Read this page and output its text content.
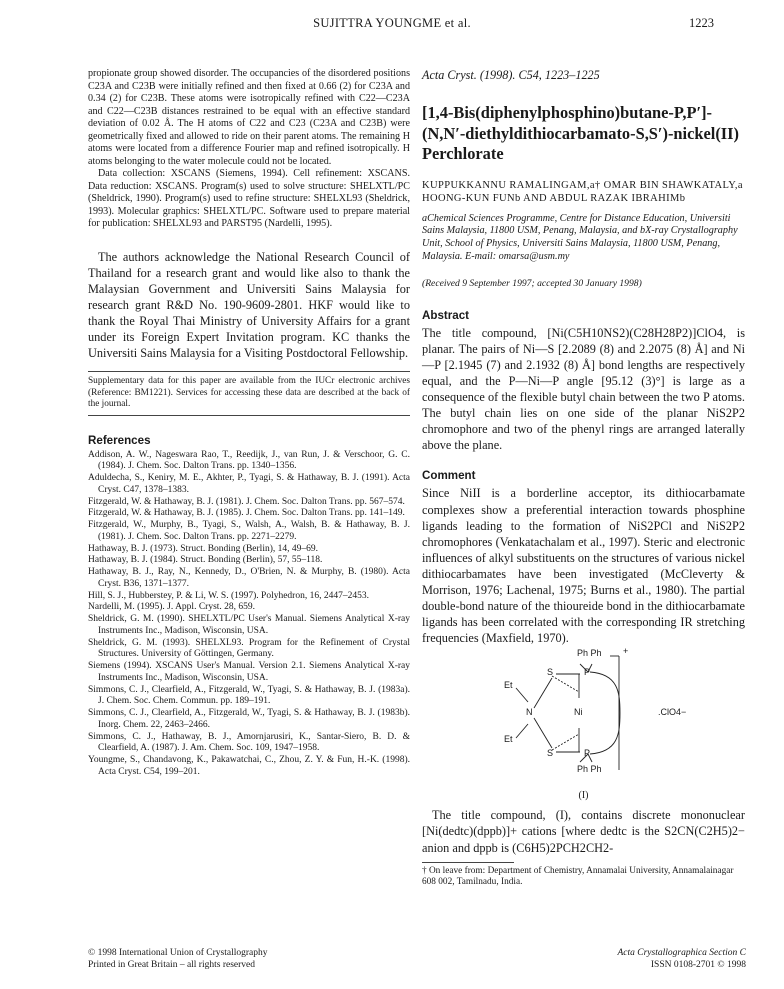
SUJITTRA YOUNGME et al.	1223

propionate group showed disorder. The occupancies of the disordered positions C23A and C23B were initially refined and then fixed at 0.66 (2) for C23A and 0.34 (2) for C23B. These atoms were isotropically refined with C22—C23A and C22—C23B distances restrained to be equal with an effective standard deviation of 0.02 Å. The H atoms of C22 and C23 (C23A and C23B) were geometrically fixed and allowed to ride on their parent atoms. The remaining H atoms were located from a difference Fourier map and refined isotropically. H atoms belonging to the water molecule could not be located.

Data collection: XSCANS (Siemens, 1994). Cell refinement: XSCANS. Data reduction: XSCANS. Program(s) used to solve structure: SHELXTL/PC (Sheldrick, 1990). Program(s) used to refine structure: SHELXL93 (Sheldrick, 1993). Molecular graphics: SHELXTL/PC. Software used to prepare material for publication: SHELXL93 and PARST95 (Nardelli, 1995).

The authors acknowledge the National Research Council of Thailand for a research grant and would like also to thank the Malaysian Government and Universiti Sains Malaysia for research grant R&D No. 190-9609-2801. HKF would like to thank the Royal Thai Ministry of University Affairs for a grant under its Foreign Expert Invitation program. KC thanks the Universiti Sains Malaysia for a Visiting Postdoctoral Fellowship.

Supplementary data for this paper are available from the IUCr electronic archives (Reference: BM1221). Services for accessing these data are described at the back of the journal.

References

Addison, A. W., Nageswara Rao, T., Reedijk, J., van Run, J. & Verschoor, G. C. (1984). J. Chem. Soc. Dalton Trans. pp. 1340–1356.

Aduldecha, S., Keniry, M. E., Akhter, P., Tyagi, S. & Hathaway, B. J. (1991). Acta Cryst. C47, 1378–1383.

Fitzgerald, W. & Hathaway, B. J. (1981). J. Chem. Soc. Dalton Trans. pp. 567–574.

Fitzgerald, W. & Hathaway, B. J. (1985). J. Chem. Soc. Dalton Trans. pp. 141–149.

Fitzgerald, W., Murphy, B., Tyagi, S., Walsh, A., Walsh, B. & Hathaway, B. J. (1981). J. Chem. Soc. Dalton Trans. pp. 2271–2279.

Hathaway, B. J. (1973). Struct. Bonding (Berlin), 14, 49–69.

Hathaway, B. J. (1984). Struct. Bonding (Berlin), 57, 55–118.

Hathaway, B. J., Ray, N., Kennedy, D., O'Brien, N. & Murphy, B. (1980). Acta Cryst. B36, 1371–1377.

Hill, S. J., Hubberstey, P. & Li, W. S. (1997). Polyhedron, 16, 2447–2453.

Nardelli, M. (1995). J. Appl. Cryst. 28, 659.

Sheldrick, G. M. (1990). SHELXTL/PC User's Manual. Siemens Analytical X-ray Instruments Inc., Madison, Wisconsin, USA.

Sheldrick, G. M. (1993). SHELXL93. Program for the Refinement of Crystal Structures. University of Göttingen, Germany.

Siemens (1994). XSCANS User's Manual. Version 2.1. Siemens Analytical X-ray Instruments Inc., Madison, Wisconsin, USA.

Simmons, C. J., Clearfield, A., Fitzgerald, W., Tyagi, S. & Hathaway, B. J. (1983a). J. Chem. Soc. Chem. Commun. pp. 189–191.

Simmons, C. J., Clearfield, A., Fitzgerald, W., Tyagi, S. & Hathaway, B. J. (1983b). Inorg. Chem. 22, 2463–2466.

Simmons, C. J., Hathaway, B. J., Amornjarusiri, K., Santar-Siero, B. D. & Clearfield, A. (1987). J. Am. Chem. Soc. 109, 1947–1958.

Youngme, S., Chandavong, K., Pakawatchai, C., Zhou, Z. Y. & Fun, H.-K. (1998). Acta Cryst. C54, 199–201.

© 1998 International Union of Crystallography
Printed in Great Britain – all rights reserved
Acta Cryst. (1998). C54, 1223–1225
[1,4-Bis(diphenylphosphino)butane-P,P′]-(N,N′-diethyldithiocarbamato-S,S′)-nickel(II) Perchlorate
KUPPUKKANNU RAMALINGAM,a† OMAR BIN SHAWKATALY,a HOONG-KUN FUNb AND ABDUL RAZAK IBRAHIMb
aChemical Sciences Programme, Centre for Distance Education, Universiti Sains Malaysia, 11800 USM, Penang, Malaysia, and bX-ray Crystallography Unit, School of Physics, Universiti Sains Malaysia, 11800 USM, Penang, Malaysia. E-mail: omarsa@usm.my
(Received 9 September 1997; accepted 30 January 1998)
Abstract

The title compound, [Ni(C5H10NS2)(C28H28P2)]ClO4, is planar. The pairs of Ni—S [2.2089 (8) and 2.2075 (8) Å] and Ni—P [2.1945 (7) and 2.1932 (8) Å] bond lengths are respectively equal, and the P—Ni—P angle [95.12 (3)°] is large as a consequence of the flexible butyl chain between the two P atoms. The butyl chain lies on one side of the planar NiS2P2 chromophore and two of the phenyl rings are arranged laterally above the plane.

Comment

Since NiII is a borderline acceptor, its dithiocarbamate complexes show a preferential interaction towards phosphine ligands leading to the formation of NiS2PCl and NiS2P2 chromophores (Venkatachalam et al., 1997). Steric and electronic influences of alkyl substituents on the structures of various nickel dithiocarbamates have been investigated (McCleverty & Morrison, 1976; Lachenal, 1975; Burns et al., 1980). The partial double-bond nature of the thioureide bond in the dithiocarbamate ligands has been correlated with the corresponding IR stretching frequencies (Maxfield, 1970).

Ph Ph +
S	P
Et
N	Ni
Et
S	P
Ph Ph
.ClO4−
(I)

The title compound, (I), contains discrete mononuclear [Ni(dedtc)(dppb)]+ cations [where dedtc is the S2CN(C2H5)2− anion and dppb is (C6H5)2PCH2CH2-

† On leave from: Department of Chemistry, Annamalai University, Annamalainagar 608 002, Tamilnadu, India.

Acta Crystallographica Section C
ISSN 0108-2701 © 1998
